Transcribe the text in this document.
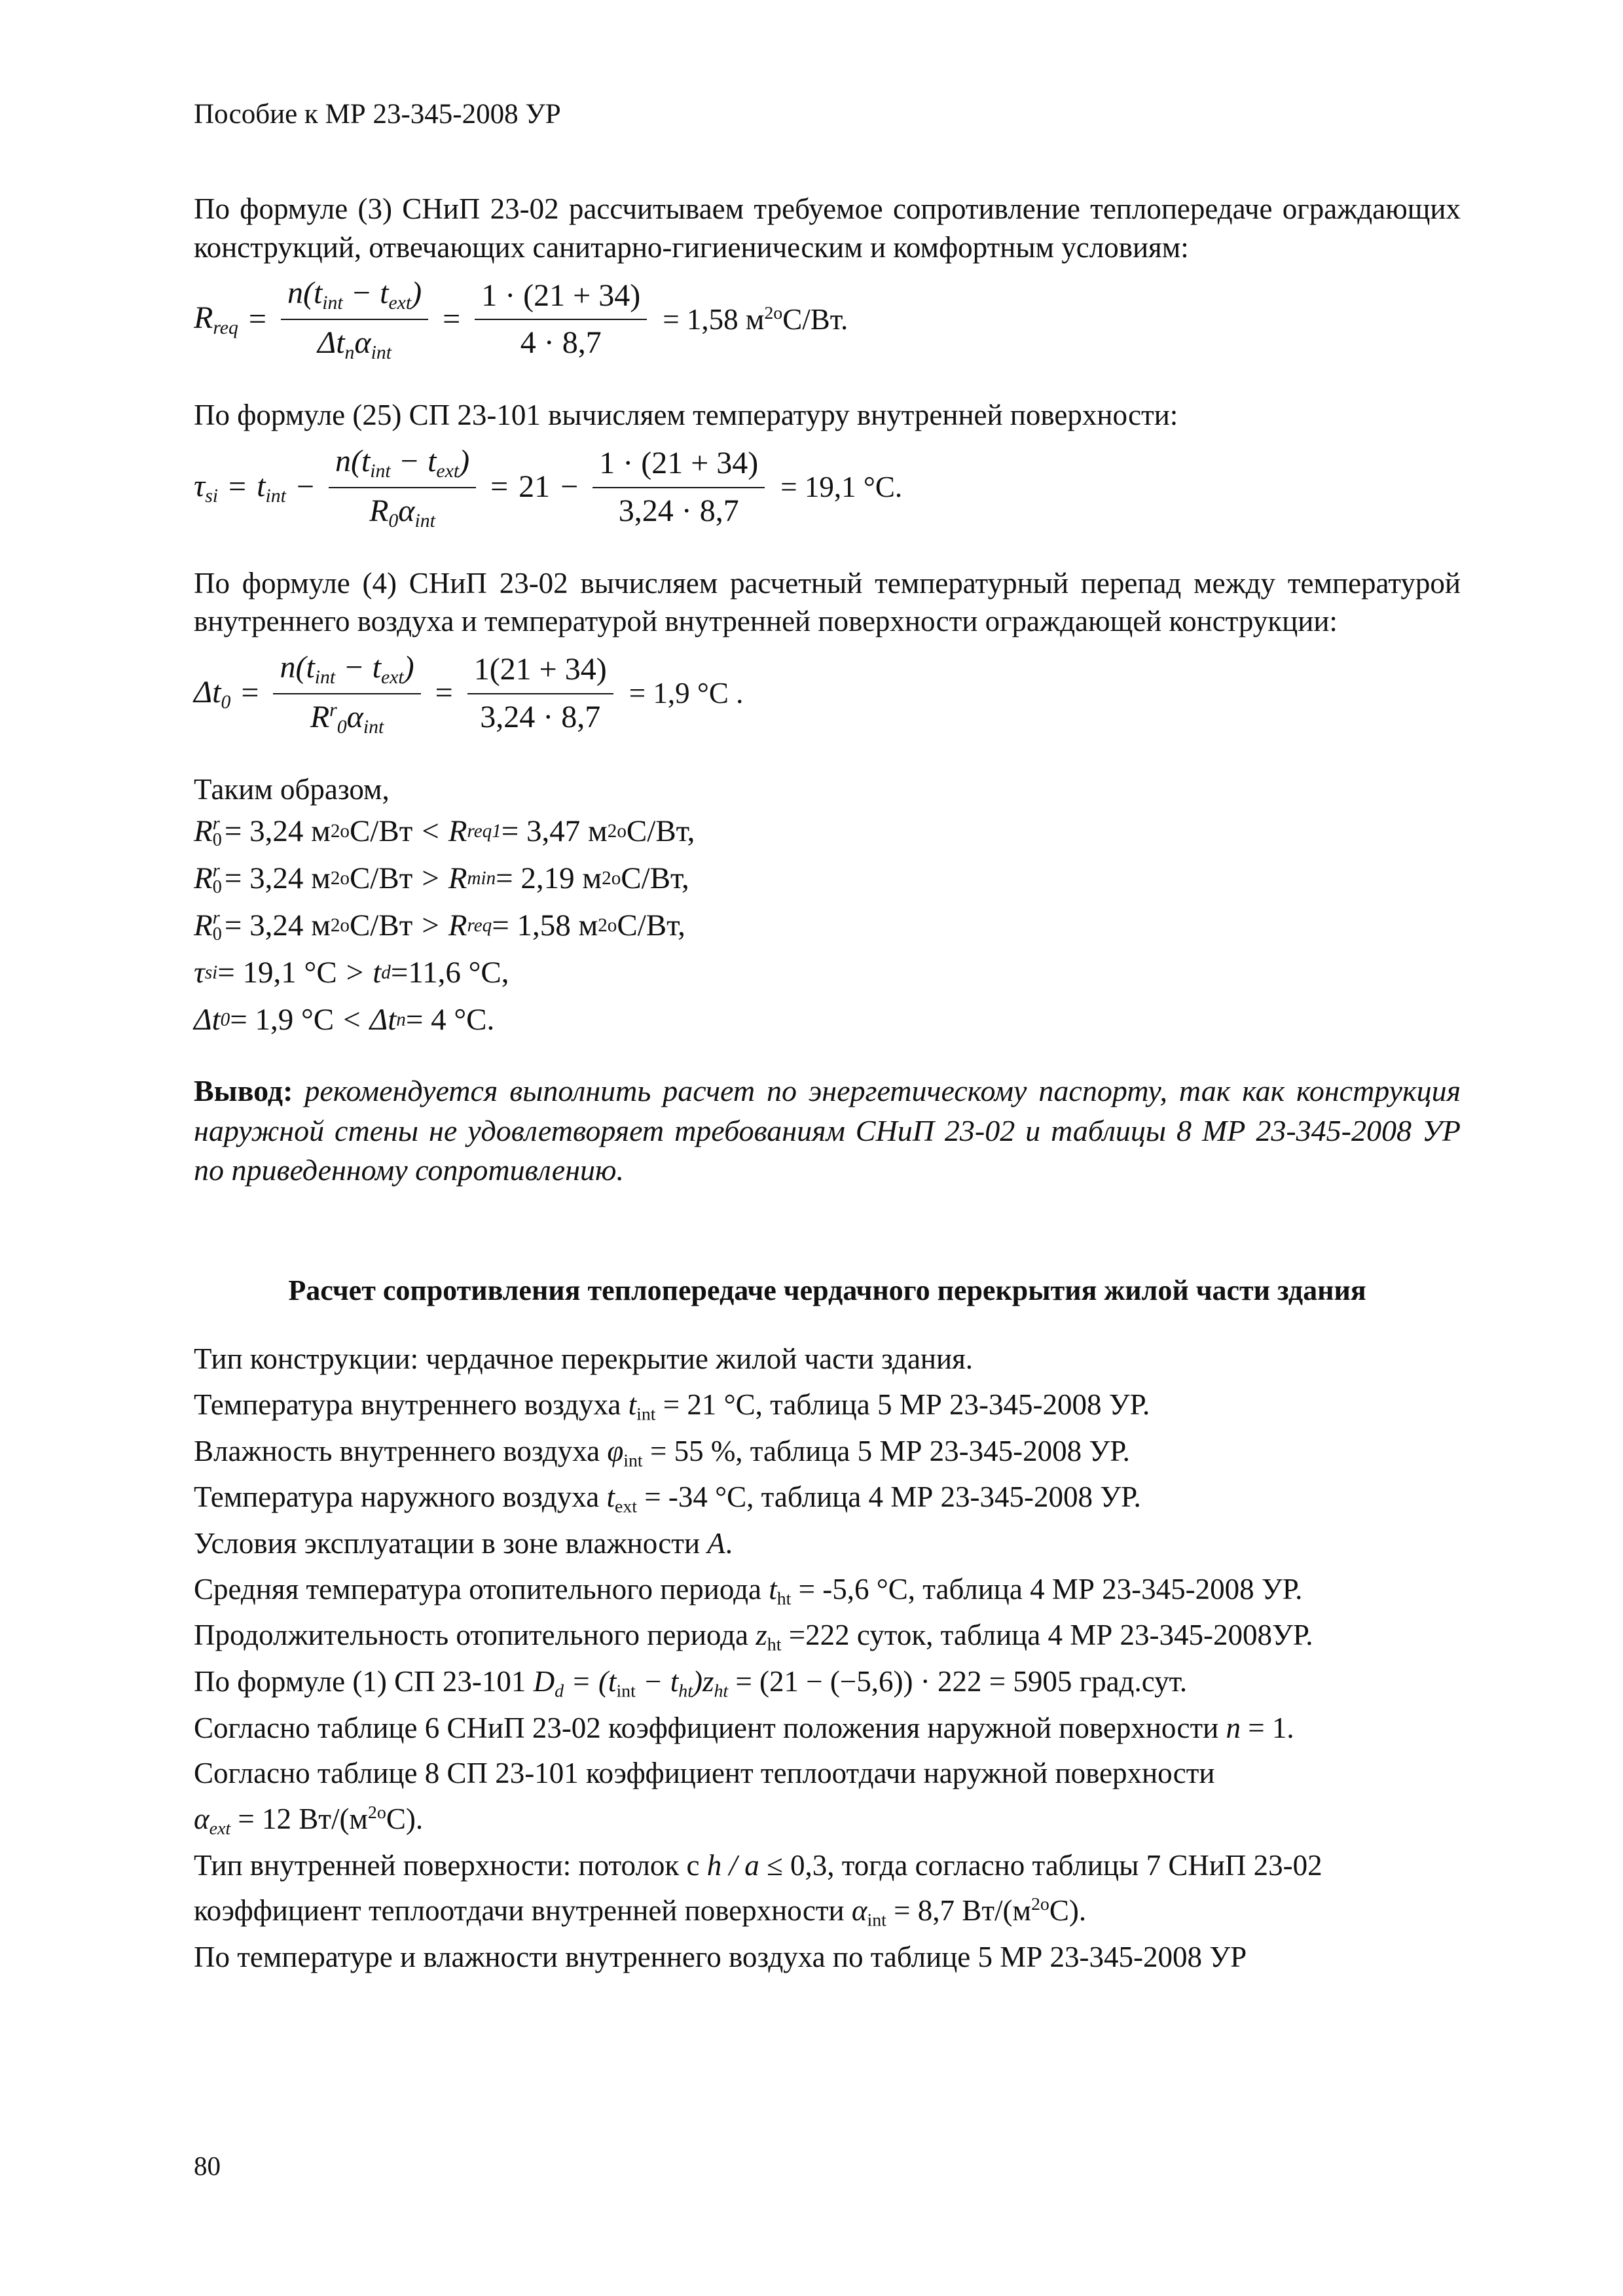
Пособие к МР 23-345-2008 УР

По формуле (3) СНиП 23-02 рассчитываем требуемое сопротивление теплопередаче ограждающих конструкций, отвечающих санитарно-гигиеническим и комфортным условиям:

$R_{req} = \frac{n(t_{int} - t_{ext})}{\Delta t_n\alpha_{int}} = \frac{1 \cdot (21 + 34)}{4 \cdot 8,7} = 1,58$ $м^{2o}С/Вт$.

По формуле (25) СП 23-101 вычисляем температуру внутренней поверхности:

$\tau_{si} = t_{int} - \frac{n(t_{int} - t_{ext})}{R_0\alpha_{int}} = 21 - \frac{1 \cdot (21 + 34)}{3,24 \cdot 8,7} = 19,1$ °С.

По формуле (4) СНиП 23-02 вычисляем расчетный температурный перепад между температурой внутреннего воздуха и температурой внутренней поверхности ограждающей конструкции:

$\Delta t_0 = \frac{n(t_{int} - t_{ext})}{R^r_0\alpha_{int}} = \frac{1(21 + 34)}{3,24 \cdot 8,7} = 1,9$ °С .

Таким образом,

R r
0 = 3,24 м 2o С/Вт < R req1 = 3,47 м 2o С/Вт,
R r
0 = 3,24 м 2o С/Вт > R min = 2,19 м 2o С/Вт,
R r
0 = 3,24 м 2o С/Вт > R req = 1,58 м 2o С/Вт,
τ si = 19,1 °С > t d =11,6 °С,
Δt 0 = 1,9 °С < Δt n = 4 °С.

Вывод: рекомендуется выполнить расчет по энергетическому паспорту, так как конструкция наружной стены не удовлетворяет требованиям СНиП 23-02 и таблицы 8 МР 23-345-2008 УР по приведенному сопротивлению.

Расчет сопротивления теплопередаче чердачного перекрытия жилой части здания

Тип конструкции: чердачное перекрытие жилой части здания.

Температура внутреннего воздуха $t_{int} = 21$ °С, таблица 5 МР 23-345-2008 УР.

Влажность внутреннего воздуха $\varphi_{int} = 55$ %, таблица 5 МР 23-345-2008 УР.

Температура наружного воздуха $t_{ext} = -34$ °С, таблица 4 МР 23-345-2008 УР.

Условия эксплуатации в зоне влажности А.

Средняя температура отопительного периода $t_{ht} = -5,6$ °С, таблица 4 МР 23-345-2008 УР.

Продолжительность отопительного периода $z_{ht} =222$ суток, таблица 4 МР 23-345-2008УР.

По формуле (1) СП 23-101 $D_d = (t_{int} - t_{ht})z_{ht} = (21 - (-5,6)) \cdot 222 = 5905$ град.сут.

Согласно таблице 6 СНиП 23-02 коэффициент положения наружной поверхности n = 1.

Согласно таблице 8 СП 23-101 коэффициент теплоотдачи наружной поверхности

$\alpha_{ext} = 12$ $Вт/(м^{2o}С)$.

Тип внутренней поверхности: потолок с h / a ≤ 0,3, тогда согласно таблицы 7 СНиП 23-02

коэффициент теплоотдачи внутренней поверхности $\alpha_{int} = 8,7$ $Вт/(м^{2o}С)$.

По температуре и влажности внутреннего воздуха по таблице 5 МР 23-345-2008 УР

80
